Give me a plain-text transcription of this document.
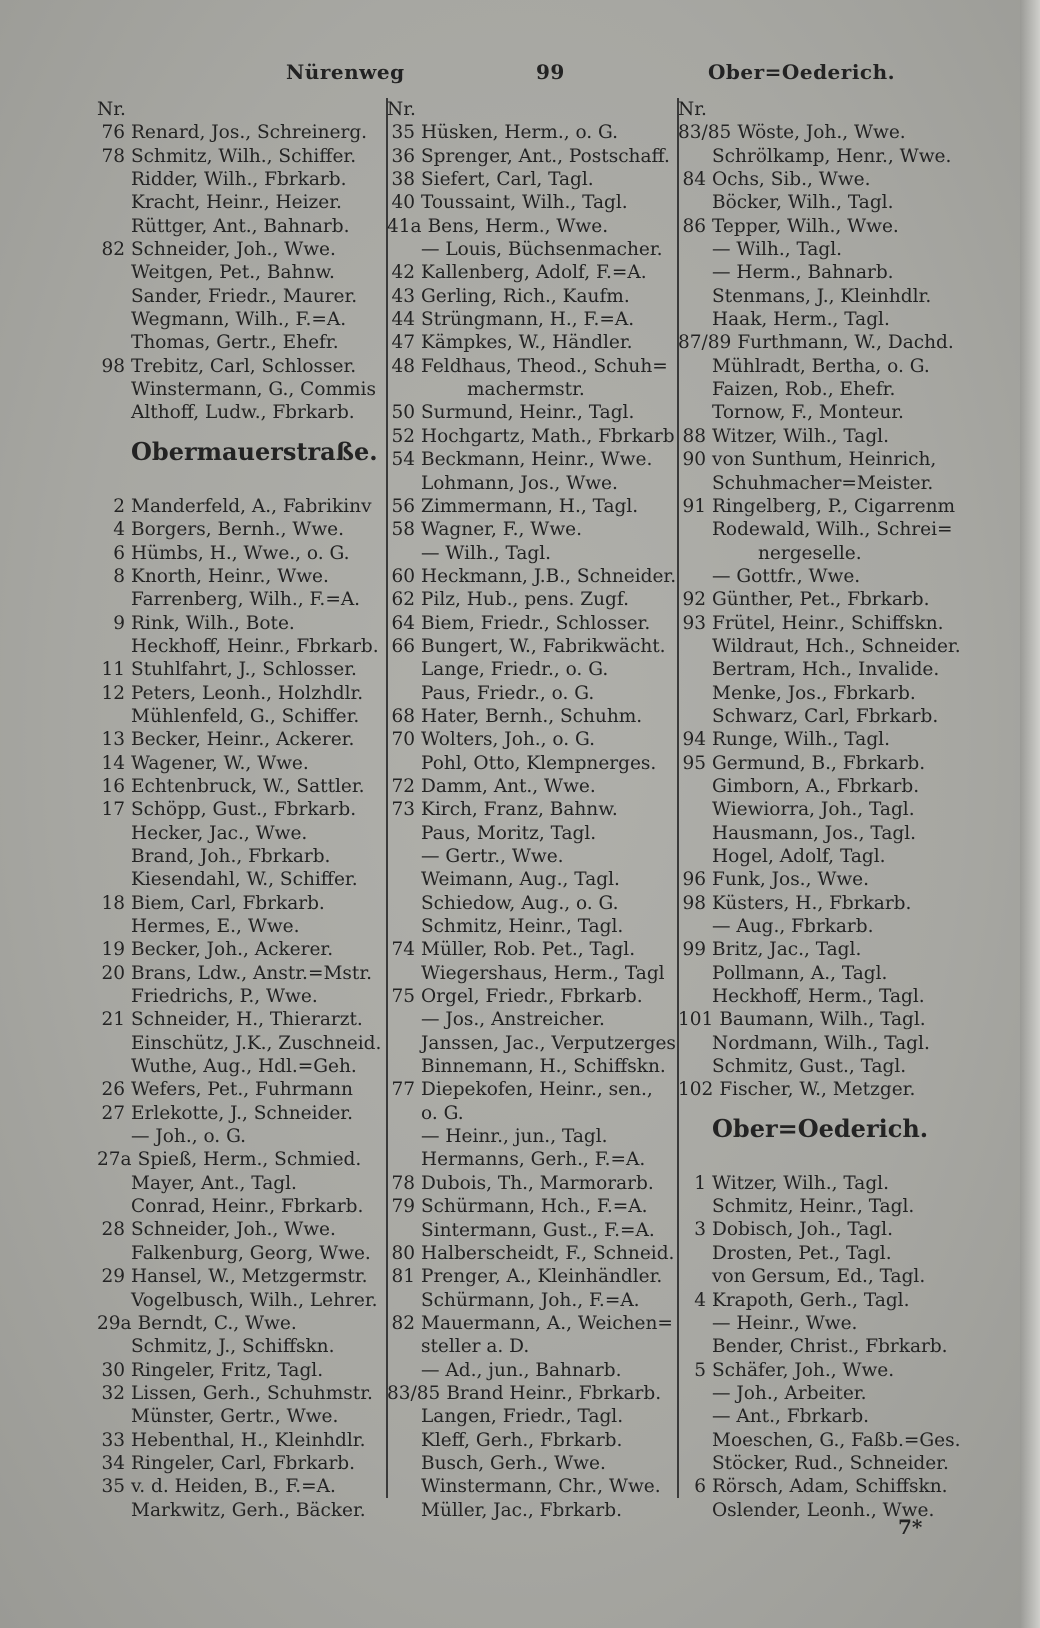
Nürenweg	99	Ober=Oederich.
Nr.
76 Renard, Jos., Schreinerg.
78 Schmitz, Wilh., Schiffer.
Ridder, Wilh., Fbrkarb.
Kracht, Heinr., Heizer.
Rüttger, Ant., Bahnarb.
82 Schneider, Joh., Wwe.
Weitgen, Pet., Bahnw.
Sander, Friedr., Maurer.
Wegmann, Wilh., F.=A.
Thomas, Gertr., Ehefr.
98 Trebitz, Carl, Schlosser.
Winstermann, G., Commis
Althoff, Ludw., Fbrkarb.
Obermauerstraße.
2 Manderfeld, A., Fabrikinv
4 Borgers, Bernh., Wwe.
6 Hümbs, H., Wwe., o. G.
8 Knorth, Heinr., Wwe.
Farrenberg, Wilh., F.=A.
9 Rink, Wilh., Bote.
Heckhoff, Heinr., Fbrkarb.
11 Stuhlfahrt, J., Schlosser.
12 Peters, Leonh., Holzhdlr.
Mühlenfeld, G., Schiffer.
13 Becker, Heinr., Ackerer.
14 Wagener, W., Wwe.
16 Echtenbruck, W., Sattler.
17 Schöpp, Gust., Fbrkarb.
Hecker, Jac., Wwe.
Brand, Joh., Fbrkarb.
Kiesendahl, W., Schiffer.
18 Biem, Carl, Fbrkarb.
Hermes, E., Wwe.
19 Becker, Joh., Ackerer.
20 Brans, Ldw., Anstr.=Mstr.
Friedrichs, P., Wwe.
21 Schneider, H., Thierarzt.
Einschütz, J.K., Zuschneid.
Wuthe, Aug., Hdl.=Geh.
26 Wefers, Pet., Fuhrmann
27 Erlekotte, J., Schneider.
— Joh., o. G.
27a Spieß, Herm., Schmied.
Mayer, Ant., Tagl.
Conrad, Heinr., Fbrkarb.
28 Schneider, Joh., Wwe.
Falkenburg, Georg, Wwe.
29 Hansel, W., Metzgermstr.
Vogelbusch, Wilh., Lehrer.
29a Berndt, C., Wwe.
Schmitz, J., Schiffskn.
30 Ringeler, Fritz, Tagl.
32 Lissen, Gerh., Schuhmstr.
Münster, Gertr., Wwe.
33 Hebenthal, H., Kleinhdlr.
34 Ringeler, Carl, Fbrkarb.
35 v. d. Heiden, B., F.=A.
Markwitz, Gerh., Bäcker.
Nr.
35 Hüsken, Herm., o. G.
36 Sprenger, Ant., Postschaff.
38 Siefert, Carl, Tagl.
40 Toussaint, Wilh., Tagl.
41a Bens, Herm., Wwe.
— Louis, Büchsenmacher.
42 Kallenberg, Adolf, F.=A.
43 Gerling, Rich., Kaufm.
44 Strüngmann, H., F.=A.
47 Kämpkes, W., Händler.
48 Feldhaus, Theod., Schuh=
machermstr.
50 Surmund, Heinr., Tagl.
52 Hochgartz, Math., Fbrkarb
54 Beckmann, Heinr., Wwe.
Lohmann, Jos., Wwe.
56 Zimmermann, H., Tagl.
58 Wagner, F., Wwe.
— Wilh., Tagl.
60 Heckmann, J.B., Schneider.
62 Pilz, Hub., pens. Zugf.
64 Biem, Friedr., Schlosser.
66 Bungert, W., Fabrikwächt.
Lange, Friedr., o. G.
Paus, Friedr., o. G.
68 Hater, Bernh., Schuhm.
70 Wolters, Joh., o. G.
Pohl, Otto, Klempnerges.
72 Damm, Ant., Wwe.
73 Kirch, Franz, Bahnw.
Paus, Moritz, Tagl.
— Gertr., Wwe.
Weimann, Aug., Tagl.
Schiedow, Aug., o. G.
Schmitz, Heinr., Tagl.
74 Müller, Rob. Pet., Tagl.
Wiegershaus, Herm., Tagl
75 Orgel, Friedr., Fbrkarb.
— Jos., Anstreicher.
Janssen, Jac., Verputzerges
Binnemann, H., Schiffskn.
77 Diepekofen, Heinr., sen.,
o. G.
— Heinr., jun., Tagl.
Hermanns, Gerh., F.=A.
78 Dubois, Th., Marmorarb.
79 Schürmann, Hch., F.=A.
Sintermann, Gust., F.=A.
80 Halberscheidt, F., Schneid.
81 Prenger, A., Kleinhändler.
Schürmann, Joh., F.=A.
82 Mauermann, A., Weichen=
steller a. D.
— Ad., jun., Bahnarb.
83/85 Brand Heinr., Fbrkarb.
Langen, Friedr., Tagl.
Kleff, Gerh., Fbrkarb.
Busch, Gerh., Wwe.
Winstermann, Chr., Wwe.
Müller, Jac., Fbrkarb.
Nr.
83/85 Wöste, Joh., Wwe.
Schrölkamp, Henr., Wwe.
84 Ochs, Sib., Wwe.
Böcker, Wilh., Tagl.
86 Tepper, Wilh., Wwe.
— Wilh., Tagl.
— Herm., Bahnarb.
Stenmans, J., Kleinhdlr.
Haak, Herm., Tagl.
87/89 Furthmann, W., Dachd.
Mühlradt, Bertha, o. G.
Faizen, Rob., Ehefr.
Tornow, F., Monteur.
88 Witzer, Wilh., Tagl.
90 von Sunthum, Heinrich,
Schuhmacher=Meister.
91 Ringelberg, P., Cigarrenm
Rodewald, Wilh., Schrei=
nergeselle.
— Gottfr., Wwe.
92 Günther, Pet., Fbrkarb.
93 Frütel, Heinr., Schiffskn.
Wildraut, Hch., Schneider.
Bertram, Hch., Invalide.
Menke, Jos., Fbrkarb.
Schwarz, Carl, Fbrkarb.
94 Runge, Wilh., Tagl.
95 Germund, B., Fbrkarb.
Gimborn, A., Fbrkarb.
Wiewiorra, Joh., Tagl.
Hausmann, Jos., Tagl.
Hogel, Adolf, Tagl.
96 Funk, Jos., Wwe.
98 Küsters, H., Fbrkarb.
— Aug., Fbrkarb.
99 Britz, Jac., Tagl.
Pollmann, A., Tagl.
Heckhoff, Herm., Tagl.
101 Baumann, Wilh., Tagl.
Nordmann, Wilh., Tagl.
Schmitz, Gust., Tagl.
102 Fischer, W., Metzger.
Ober=Oederich.
1 Witzer, Wilh., Tagl.
Schmitz, Heinr., Tagl.
3 Dobisch, Joh., Tagl.
Drosten, Pet., Tagl.
von Gersum, Ed., Tagl.
4 Krapoth, Gerh., Tagl.
— Heinr., Wwe.
Bender, Christ., Fbrkarb.
5 Schäfer, Joh., Wwe.
— Joh., Arbeiter.
— Ant., Fbrkarb.
Moeschen, G., Faßb.=Ges.
Stöcker, Rud., Schneider.
6 Rörsch, Adam, Schiffskn.
Oslender, Leonh., Wwe.
7*
